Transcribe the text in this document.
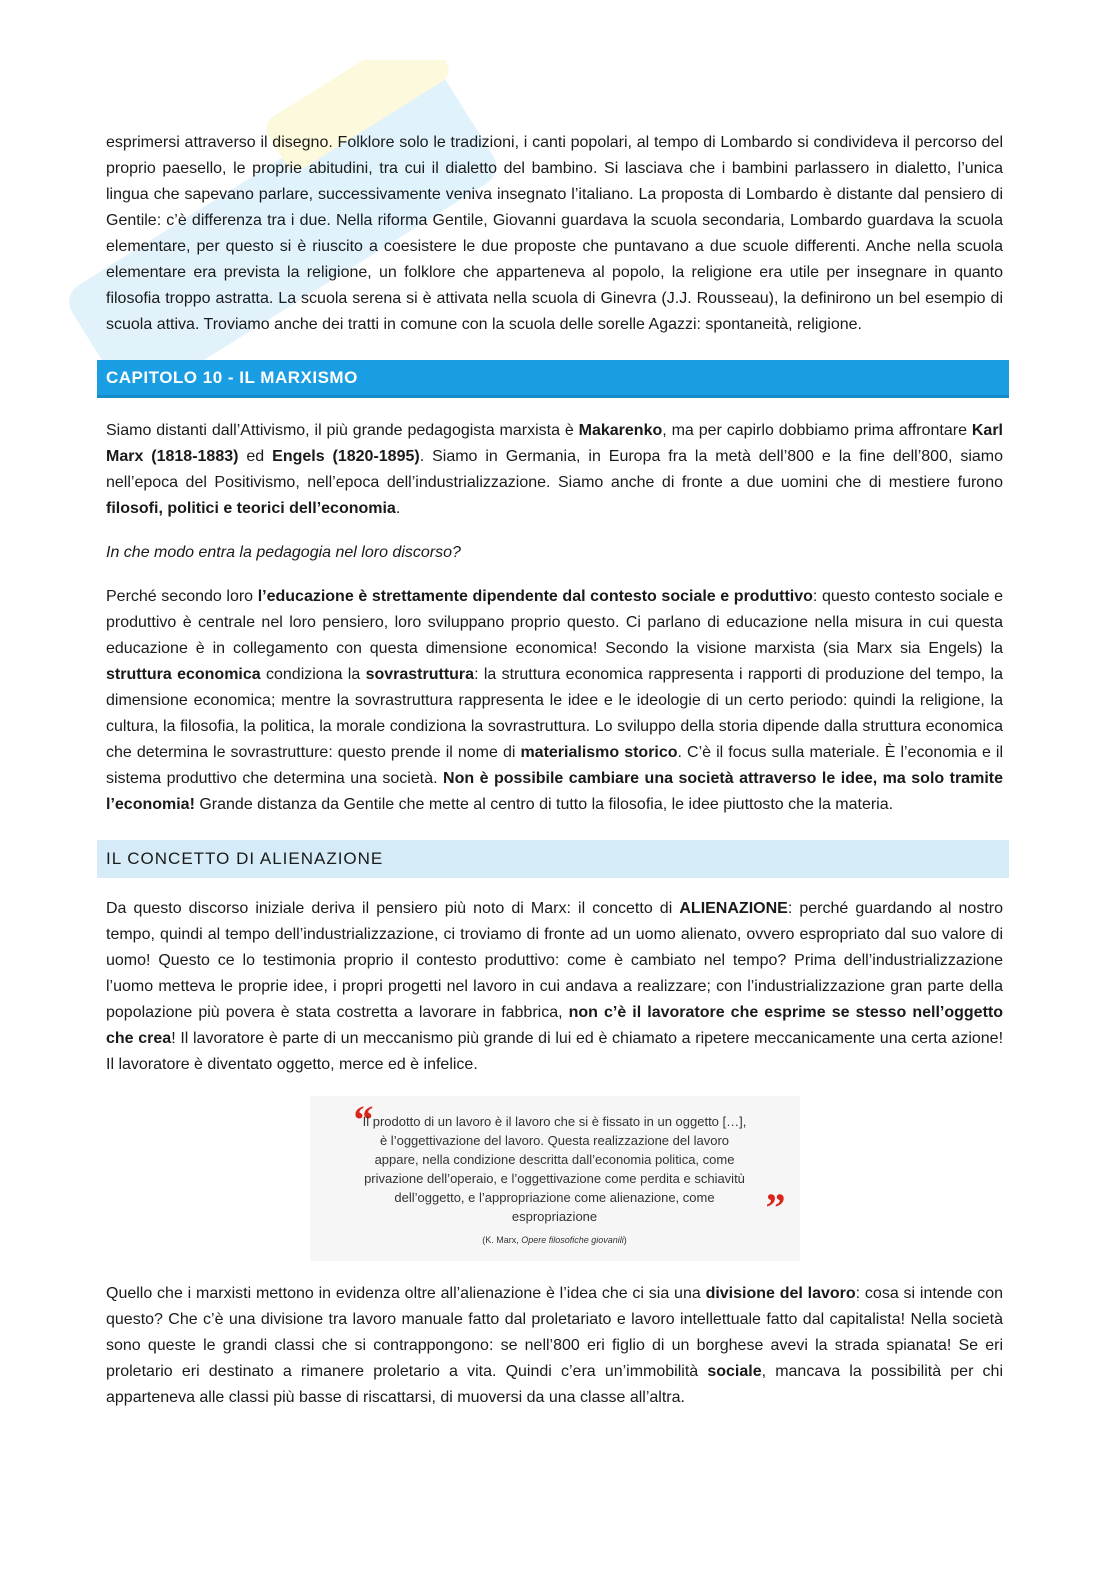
esprimersi attraverso il disegno. Folklore solo le tradizioni, i canti popolari, al tempo di Lombardo si condivideva il percorso del proprio paesello, le proprie abitudini, tra cui il dialetto del bambino. Si lasciava che i bambini parlassero in dialetto, l’unica lingua che sapevano parlare, successivamente veniva insegnato l’italiano. La proposta di Lombardo è distante dal pensiero di Gentile: c’è differenza tra i due. Nella riforma Gentile, Giovanni guardava la scuola secondaria, Lombardo guardava la scuola elementare, per questo si è riuscito a coesistere le due proposte che puntavano a due scuole differenti. Anche nella scuola elementare era prevista la religione, un folklore che apparteneva al popolo, la religione era utile per insegnare in quanto filosofia troppo astratta. La scuola serena si è attivata nella scuola di Ginevra (J.J. Rousseau), la definirono un bel esempio di scuola attiva. Troviamo anche dei tratti in comune con la scuola delle sorelle Agazzi: spontaneità, religione.

CAPITOLO 10 - IL MARXISMO

Siamo distanti dall’Attivismo, il più grande pedagogista marxista è Makarenko, ma per capirlo dobbiamo prima affrontare Karl Marx (1818-1883) ed Engels (1820-1895). Siamo in Germania, in Europa fra la metà dell’800 e la fine dell’800, siamo nell’epoca del Positivismo, nell’epoca dell’industrializzazione. Siamo anche di fronte a due uomini che di mestiere furono filosofi, politici e teorici dell’economia.

In che modo entra la pedagogia nel loro discorso?

Perché secondo loro l’educazione è strettamente dipendente dal contesto sociale e produttivo: questo contesto sociale e produttivo è centrale nel loro pensiero, loro sviluppano proprio questo. Ci parlano di educazione nella misura in cui questa educazione è in collegamento con questa dimensione economica! Secondo la visione marxista (sia Marx sia Engels) la struttura economica condiziona la sovrastruttura: la struttura economica rappresenta i rapporti di produzione del tempo, la dimensione economica; mentre la sovrastruttura rappresenta le idee e le ideologie di un certo periodo: quindi la religione, la cultura, la filosofia, la politica, la morale condiziona la sovrastruttura. Lo sviluppo della storia dipende dalla struttura economica che determina le sovrastrutture: questo prende il nome di materialismo storico. C’è il focus sulla materiale. È l’economia e il sistema produttivo che determina una società. Non è possibile cambiare una società attraverso le idee, ma solo tramite l’economia! Grande distanza da Gentile che mette al centro di tutto la filosofia, le idee piuttosto che la materia.

IL CONCETTO DI ALIENAZIONE

Da questo discorso iniziale deriva il pensiero più noto di Marx: il concetto di ALIENAZIONE: perché guardando al nostro tempo, quindi al tempo dell’industrializzazione, ci troviamo di fronte ad un uomo alienato, ovvero espropriato dal suo valore di uomo! Questo ce lo testimonia proprio il contesto produttivo: come è cambiato nel tempo? Prima dell’industrializzazione l’uomo metteva le proprie idee, i propri progetti nel lavoro in cui andava a realizzare; con l’industrializzazione gran parte della popolazione più povera è stata costretta a lavorare in fabbrica, non c’è il lavoratore che esprime se stesso nell’oggetto che crea! Il lavoratore è parte di un meccanismo più grande di lui ed è chiamato a ripetere meccanicamente una certa azione! Il lavoratore è diventato oggetto, merce ed è infelice.

“
Il prodotto di un lavoro è il lavoro che si è fissato in un oggetto […], è l’oggettivazione del lavoro. Questa realizzazione del lavoro appare, nella condizione descritta dall’economia politica, come privazione dell’operaio, e l’oggettivazione come perdita e schiavitù dell’oggetto, e l’appropriazione come alienazione, come espropriazione	”
(K. Marx, Opere filosofiche giovanili)

Quello che i marxisti mettono in evidenza oltre all’alienazione è l’idea che ci sia una divisione del lavoro: cosa si intende con questo? Che c’è una divisione tra lavoro manuale fatto dal proletariato e lavoro intellettuale fatto dal capitalista! Nella società sono queste le grandi classi che si contrappongono: se nell’800 eri figlio di un borghese avevi la strada spianata! Se eri proletario eri destinato a rimanere proletario a vita. Quindi c’era un’immobilità sociale, mancava la possibilità per chi apparteneva alle classi più basse di riscattarsi, di muoversi da una classe all’altra.
